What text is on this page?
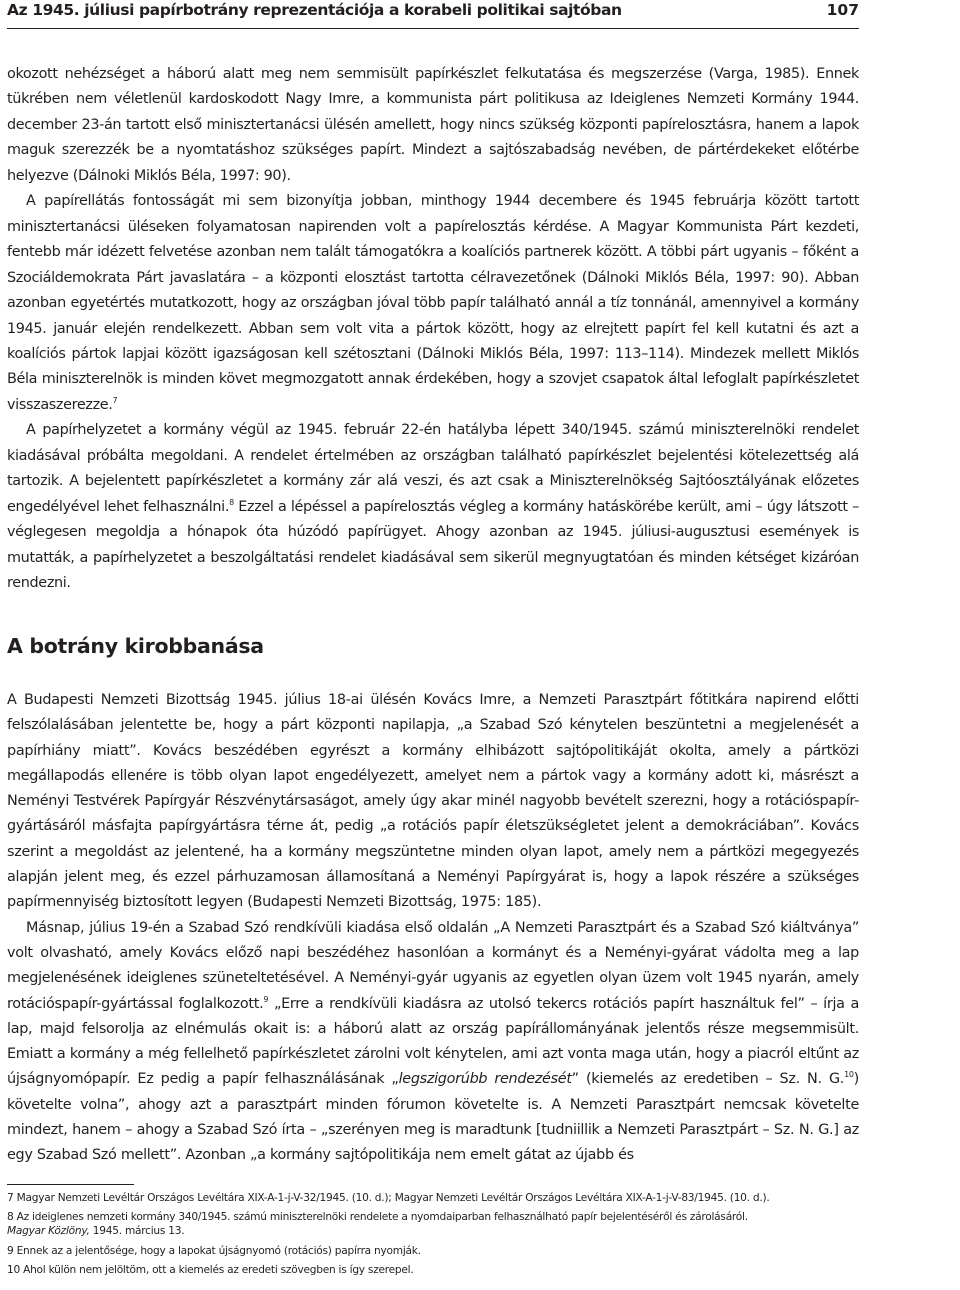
Az 1945. júliusi papírbotrány reprezentációja a korabeli politikai sajtóban	107

okozott nehézséget a háború alatt meg nem semmisült papírkészlet felkutatása és megszerzése (Varga, 1985). Ennek tükrében nem véletlenül kardoskodott Nagy Imre, a kommunista párt politikusa az Ideiglenes Nemzeti Kormány 1944. december 23-án tartott első minisztertanácsi ülésén amellett, hogy nincs szükség központi papírelosztásra, hanem a lapok maguk szerezzék be a nyomtatáshoz szükséges papírt. Mindezt a sajtószabadság nevében, de pártérdekeket előtérbe helyezve (Dálnoki Miklós Béla, 1997: 90).

A papírellátás fontosságát mi sem bizonyítja jobban, minthogy 1944 decembere és 1945 februárja között tartott minisztertanácsi üléseken folyamatosan napirenden volt a papírelosztás kérdése. A Magyar Kommunista Párt kezdeti, fentebb már idézett felvetése azonban nem talált támogatókra a koalíciós partnerek között. A többi párt ugyanis – főként a Szociáldemokrata Párt javaslatára – a központi elosztást tartotta célravezetőnek (Dálnoki Miklós Béla, 1997: 90). Abban azonban egyetértés mutatkozott, hogy az országban jóval több papír található annál a tíz tonnánál, amennyivel a kormány 1945. január elején rendelkezett. Abban sem volt vita a pártok között, hogy az elrejtett papírt fel kell kutatni és azt a koalíciós pártok lapjai között igazságosan kell szétosztani (Dálnoki Miklós Béla, 1997: 113–114). Mindezek mellett Miklós Béla miniszterelnök is minden követ megmozgatott annak érdekében, hogy a szovjet csapatok által lefoglalt papírkészletet visszaszerezze.$^7$

A papírhelyzetet a kormány végül az 1945. február 22-én hatályba lépett 340/1945. számú miniszterelnöki rendelet kiadásával próbálta megoldani. A rendelet értelmében az országban található papírkészlet bejelentési kötelezettség alá tartozik. A bejelentett papírkészletet a kormány zár alá veszi, és azt csak a Miniszterelnökség Sajtóosztályának előzetes engedélyével lehet felhasználni.$^8$ Ezzel a lépéssel a papírelosztás végleg a kormány hatáskörébe került, ami – úgy látszott – véglegesen megoldja a hónapok óta húzódó papírügyet. Ahogy azonban az 1945. júliusi-augusztusi események is mutatták, a papírhelyzetet a beszolgáltatási rendelet kiadásával sem sikerül megnyugtatóan és minden kétséget kizáróan rendezni.

A botrány kirobbanása

A Budapesti Nemzeti Bizottság 1945. július 18-ai ülésén Kovács Imre, a Nemzeti Parasztpárt főtitkára napirend előtti felszólalásában jelentette be, hogy a párt központi napilapja, „a Szabad Szó kénytelen beszüntetni a megjelenését a papírhiány miatt”. Kovács beszédében egyrészt a kormány elhibázott sajtópolitikáját okolta, amely a pártközi megállapodás ellenére is több olyan lapot engedélyezett, amelyet nem a pártok vagy a kormány adott ki, másrészt a Neményi Testvérek Papírgyár Részvénytársaságot, amely úgy akar minél nagyobb bevételt szerezni, hogy a rotációspapír-gyártásáról másfajta papírgyártásra térne át, pedig „a rotációs papír életszükségletet jelent a demokráciában”. Kovács szerint a megoldást az jelentené, ha a kormány megszüntetne minden olyan lapot, amely nem a pártközi megegyezés alapján jelent meg, és ezzel párhuzamosan államosítaná a Neményi Papírgyárat is, hogy a lapok részére a szükséges papírmennyiség biztosított legyen (Budapesti Nemzeti Bizottság, 1975: 185).

Másnap, július 19-én a Szabad Szó rendkívüli kiadása első oldalán „A Nemzeti Parasztpárt és a Szabad Szó kiáltványa” volt olvasható, amely Kovács előző napi beszédéhez hasonlóan a kormányt és a Neményi-gyárat vádolta meg a lap megjelenésének ideiglenes szüneteltetésével. A Neményi-gyár ugyanis az egyetlen olyan üzem volt 1945 nyarán, amely rotációspapír-gyártással foglalkozott.$^9$ „Erre a rendkívüli kiadásra az utolsó tekercs rotációs papírt használtuk fel” – írja a lap, majd felsorolja az elnémulás okait is: a háború alatt az ország papírállományának jelentős része megsemmisült. Emiatt a kormány a még fellelhető papírkészletet zárolni volt kénytelen, ami azt vonta maga után, hogy a piacról eltűnt az újságnyomópapír. Ez pedig a papír felhasználásának „legszigorúbb rendezését” (kiemelés az eredetiben – Sz. N. G.$^{10}$) követelte volna”, ahogy azt a parasztpárt minden fórumon követelte is. A Nemzeti Parasztpárt nemcsak követelte mindezt, hanem – ahogy a Szabad Szó írta – „szerényen meg is maradtunk [tudniillik a Nemzeti Parasztpárt – Sz. N. G.] az egy Szabad Szó mellett”. Azonban „a kormány sajtópolitikája nem emelt gátat az újabb és

7 Magyar Nemzeti Levéltár Országos Levéltára XIX-A-1-j-V-32/1945. (10. d.); Magyar Nemzeti Levéltár Országos Levéltára XIX-A-1-j-V-83/1945. (10. d.).
8 Az ideiglenes nemzeti kormány 340/1945. számú miniszterelnöki rendelete a nyomdaiparban felhasználható papír bejelentéséről és zárolásáról.
Magyar Közlöny, 1945. március 13.
9 Ennek az a jelentősége, hogy a lapokat újságnyomó (rotációs) papírra nyomják.
10 Ahol külön nem jelöltöm, ott a kiemelés az eredeti szövegben is így szerepel.
